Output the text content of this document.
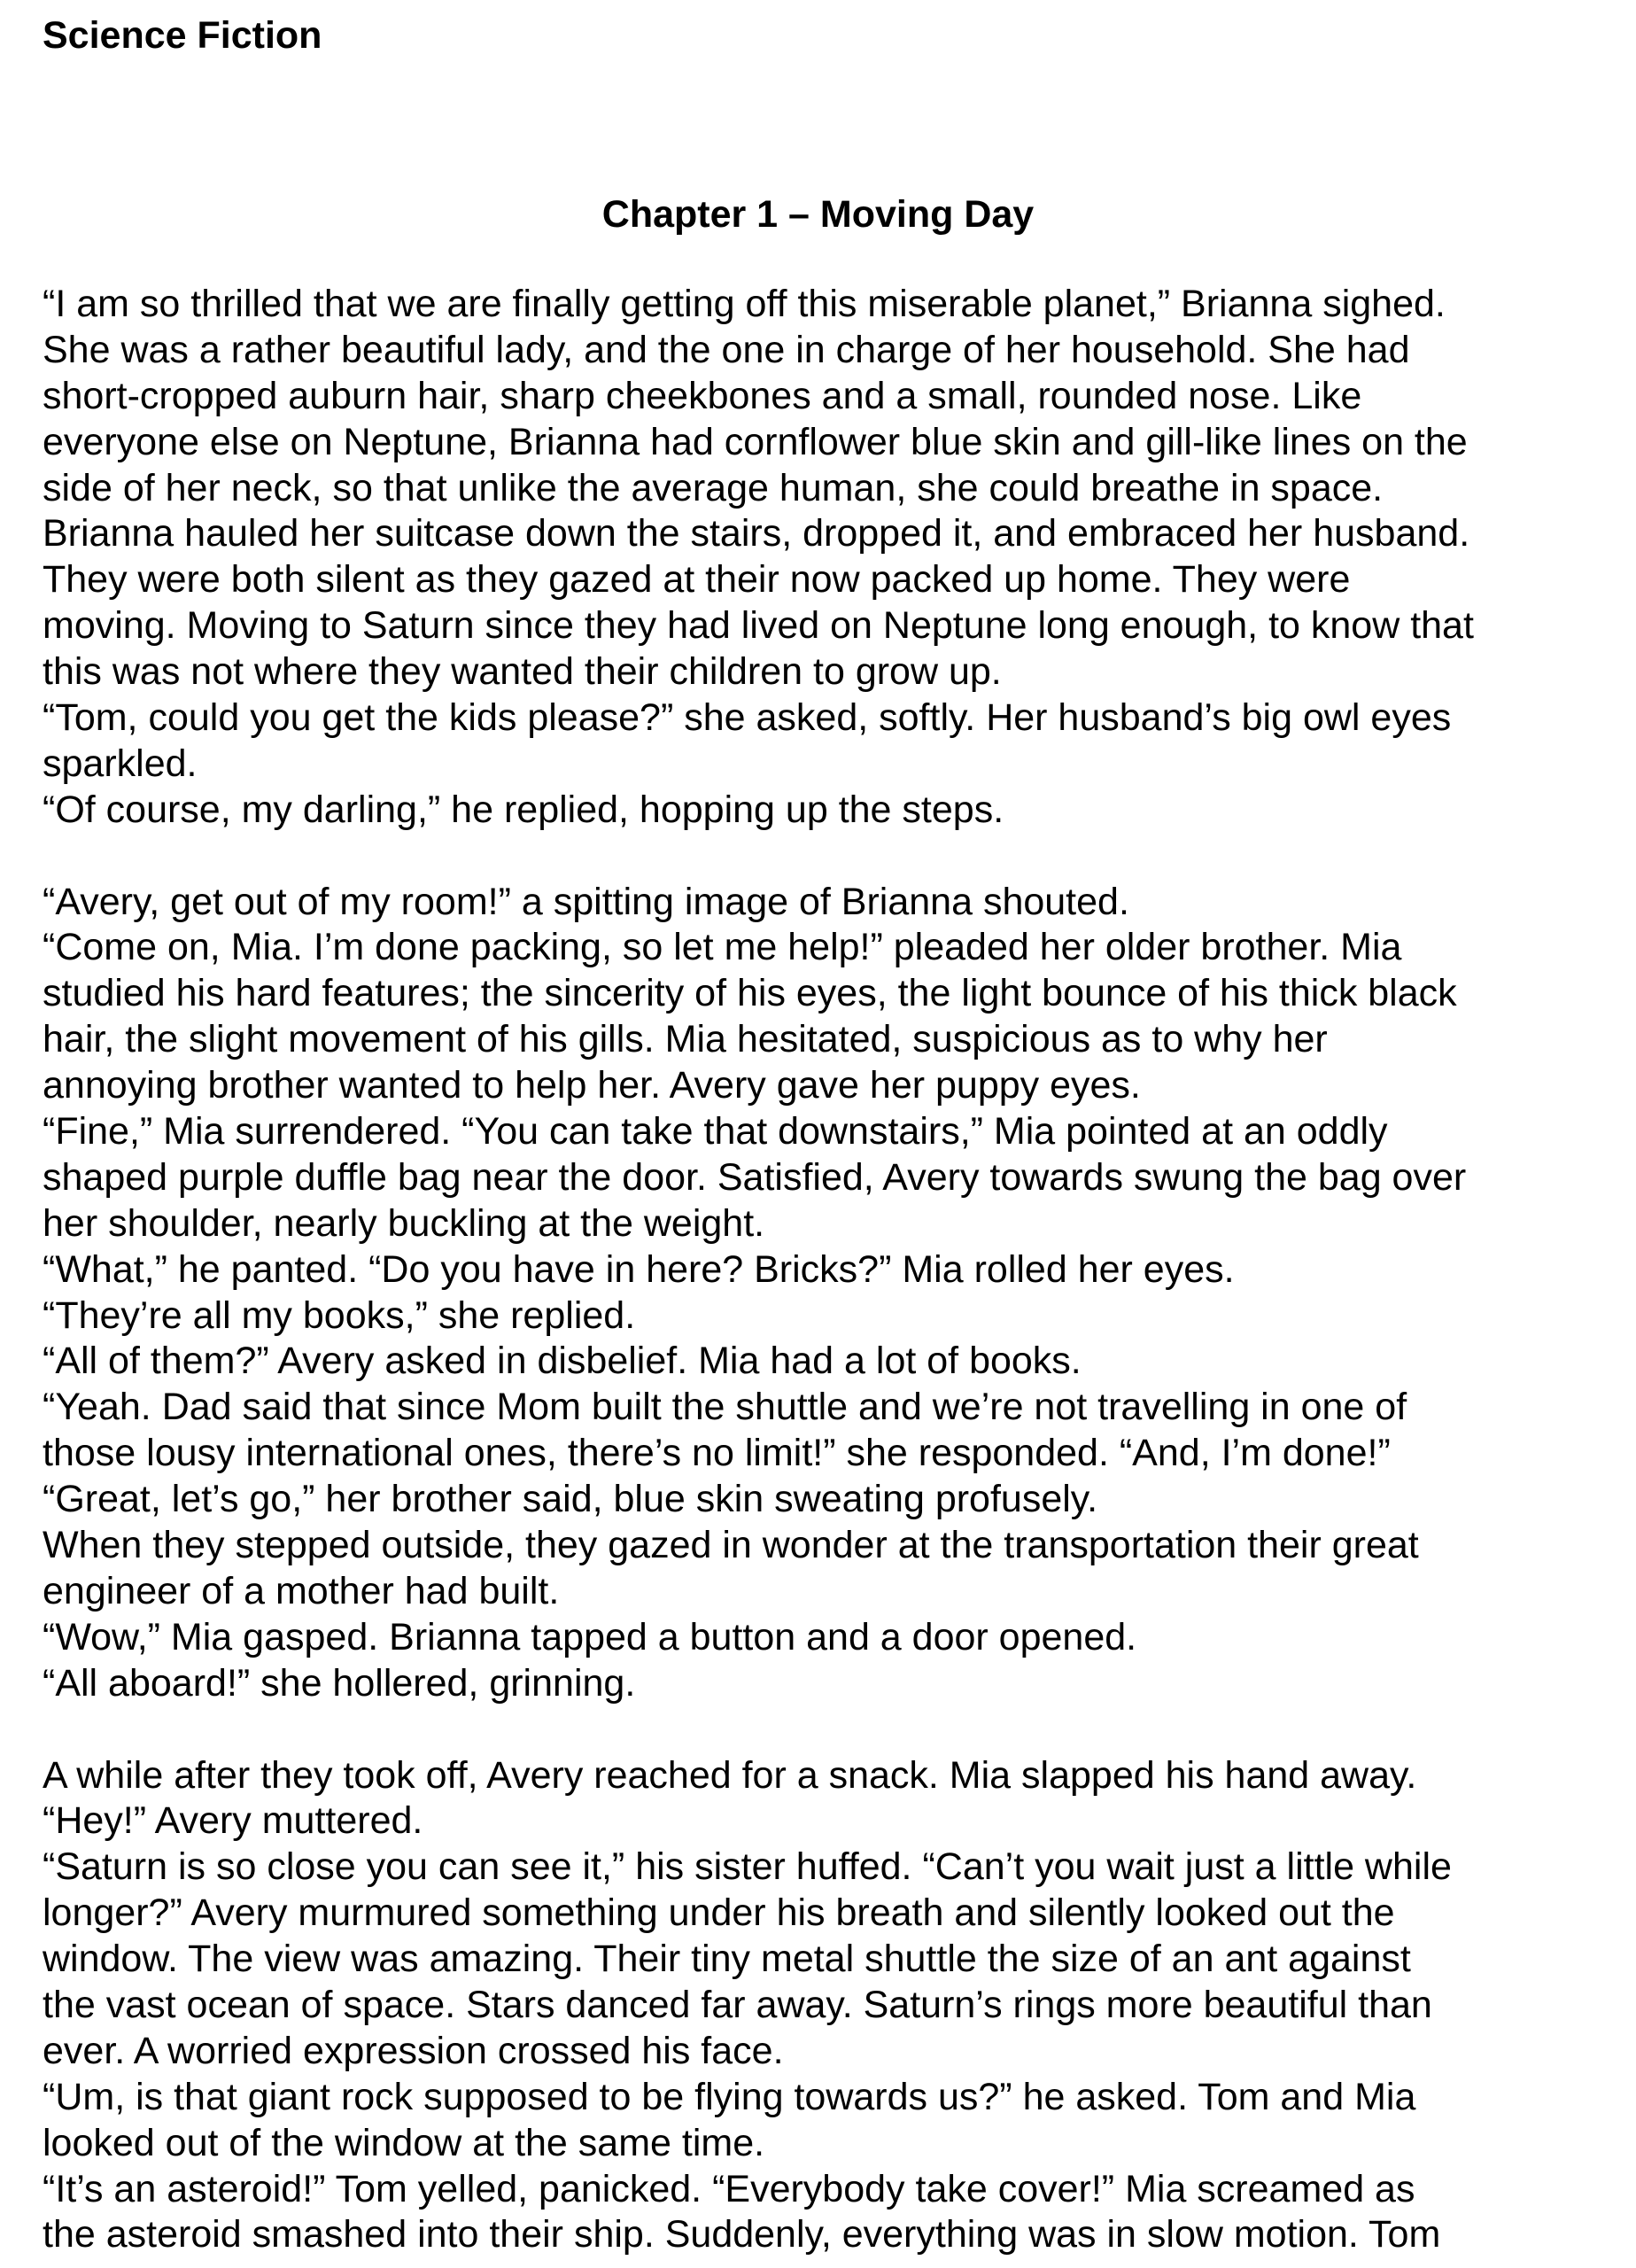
Science Fiction
Chapter 1 – Moving Day
“I am so thrilled that we are finally getting off this miserable planet,” Brianna sighed.
She was a rather beautiful lady, and the one in charge of her household. She had
short-cropped auburn hair, sharp cheekbones and a small, rounded nose. Like
everyone else on Neptune, Brianna had cornflower blue skin and gill-like lines on the
side of her neck, so that unlike the average human, she could breathe in space.
Brianna hauled her suitcase down the stairs, dropped it, and embraced her husband.
They were both silent as they gazed at their now packed up home. They were
moving. Moving to Saturn since they had lived on Neptune long enough, to know that
this was not where they wanted their children to grow up.
“Tom, could you get the kids please?” she asked, softly. Her husband’s big owl eyes
sparkled.
“Of course, my darling,” he replied, hopping up the steps.
“Avery, get out of my room!” a spitting image of Brianna shouted.
“Come on, Mia. I’m done packing, so let me help!” pleaded her older brother. Mia
studied his hard features; the sincerity of his eyes, the light bounce of his thick black
hair, the slight movement of his gills. Mia hesitated, suspicious as to why her
annoying brother wanted to help her. Avery gave her puppy eyes.
“Fine,” Mia surrendered. “You can take that downstairs,” Mia pointed at an oddly
shaped purple duffle bag near the door. Satisfied, Avery towards swung the bag over
her shoulder, nearly buckling at the weight.
“What,” he panted. “Do you have in here? Bricks?” Mia rolled her eyes.
“They’re all my books,” she replied.
“All of them?” Avery asked in disbelief. Mia had a lot of books.
“Yeah. Dad said that since Mom built the shuttle and we’re not travelling in one of
those lousy international ones, there’s no limit!” she responded. “And, I’m done!”
“Great, let’s go,” her brother said, blue skin sweating profusely.
When they stepped outside, they gazed in wonder at the transportation their great
engineer of a mother had built.
“Wow,” Mia gasped. Brianna tapped a button and a door opened.
“All aboard!” she hollered, grinning.
A while after they took off, Avery reached for a snack. Mia slapped his hand away.
“Hey!” Avery muttered.
“Saturn is so close you can see it,” his sister huffed. “Can’t you wait just a little while
longer?” Avery murmured something under his breath and silently looked out the
window. The view was amazing. Their tiny metal shuttle the size of an ant against
the vast ocean of space. Stars danced far away. Saturn’s rings more beautiful than
ever. A worried expression crossed his face.
“Um, is that giant rock supposed to be flying towards us?” he asked. Tom and Mia
looked out of the window at the same time.
“It’s an asteroid!” Tom yelled, panicked. “Everybody take cover!” Mia screamed as
the asteroid smashed into their ship. Suddenly, everything was in slow motion. Tom
